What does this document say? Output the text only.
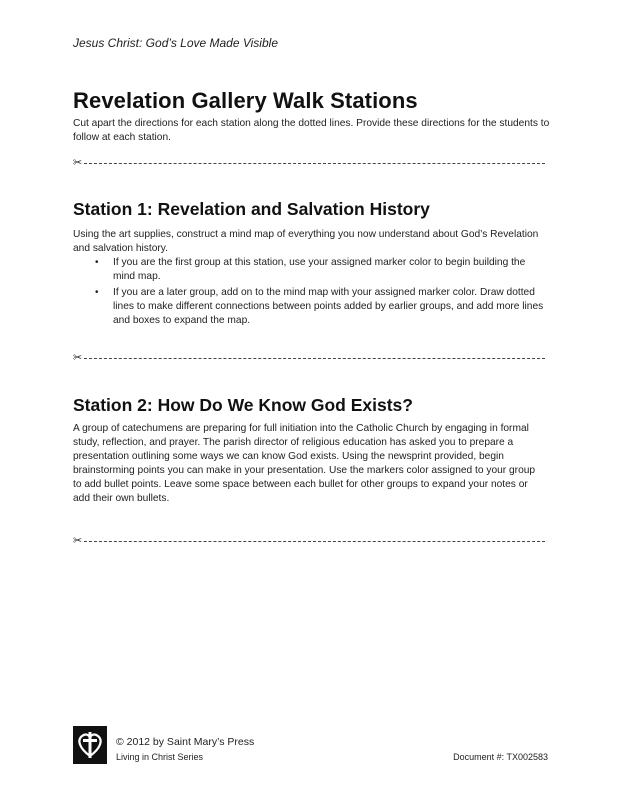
Jesus Christ: God’s Love Made Visible
Revelation Gallery Walk Stations
Cut apart the directions for each station along the dotted lines. Provide these directions for the students to follow at each station.
✂
Station 1: Revelation and Salvation History
Using the art supplies, construct a mind map of everything you now understand about God’s Revelation and salvation history.
• If you are the first group at this station, use your assigned marker color to begin building the mind map.
• If you are a later group, add on to the mind map with your assigned marker color. Draw dotted lines to make different connections between points added by earlier groups, and add more lines and boxes to expand the map.
✂
Station 2: How Do We Know God Exists?
A group of catechumens are preparing for full initiation into the Catholic Church by engaging in formal study, reflection, and prayer. The parish director of religious education has asked you to prepare a presentation outlining some ways we can know God exists. Using the newsprint provided, begin brainstorming points you can make in your presentation. Use the markers color assigned to your group to add bullet points. Leave some space between each bullet for other groups to expand your notes or add their own bullets.
✂
© 2012 by Saint Mary’s Press
Living in Christ Series	Document #: TX002583
